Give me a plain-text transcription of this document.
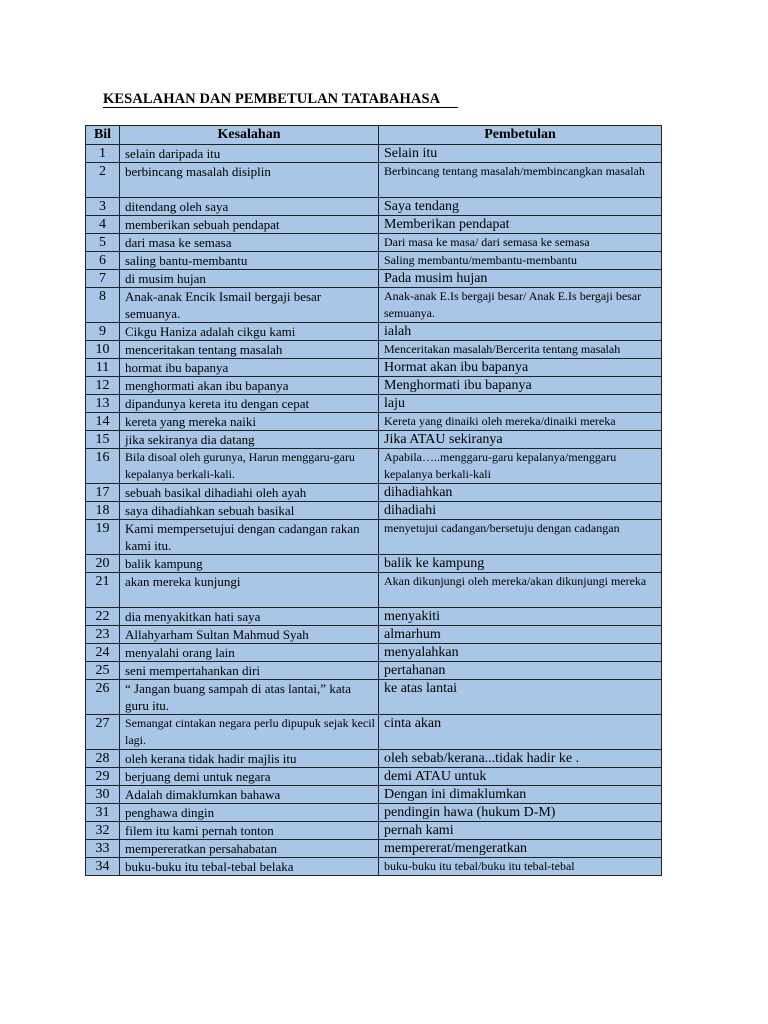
KESALAHAN DAN PEMBETULAN TATABAHASA
Bil	Kesalahan	Pembetulan
1	selain daripada itu	Selain itu
2	berbincang masalah disiplin	Berbincang tentang masalah/membincangkan masalah
3	ditendang oleh saya	Saya tendang
4	memberikan sebuah pendapat	Memberikan pendapat
5	dari masa ke semasa	Dari masa ke masa/ dari semasa ke semasa
6	saling bantu-membantu	Saling membantu/membantu-membantu
7	di musim hujan	Pada musim hujan
8	Anak-anak Encik Ismail bergaji besar semuanya.	Anak-anak E.Is bergaji besar/ Anak E.Is bergaji besar semuanya.
9	Cikgu Haniza adalah cikgu kami	ialah
10	menceritakan tentang masalah	Menceritakan masalah/Bercerita tentang masalah
11	hormat ibu bapanya	Hormat akan ibu bapanya
12	menghormati akan ibu bapanya	Menghormati ibu bapanya
13	dipandunya kereta itu dengan cepat	laju
14	kereta yang mereka naiki	Kereta yang dinaiki oleh mereka/dinaiki mereka
15	jika sekiranya dia datang	Jika ATAU sekiranya
16	Bila disoal oleh gurunya, Harun menggaru-garu kepalanya berkali-kali.	Apabila…..menggaru-garu kepalanya/menggaru kepalanya berkali-kali
17	sebuah basikal dihadiahi oleh ayah	dihadiahkan
18	saya dihadiahkan sebuah basikal	dihadiahi
19	Kami mempersetujui dengan cadangan rakan kami itu.	menyetujui cadangan/bersetuju dengan cadangan
20	balik kampung	balik ke kampung
21	akan mereka kunjungi	Akan dikunjungi oleh mereka/akan dikunjungi mereka
22	dia menyakitkan hati saya	menyakiti
23	Allahyarham Sultan Mahmud Syah	almarhum
24	menyalahi orang lain	menyalahkan
25	seni mempertahankan diri	pertahanan
26	“ Jangan buang sampah di atas lantai,” kata guru itu.	ke atas lantai
27	Semangat cintakan negara perlu dipupuk sejak kecil lagi.	cinta akan
28	oleh kerana tidak hadir majlis itu	oleh sebab/kerana...tidak hadir ke .
29	berjuang demi untuk negara	demi ATAU untuk
30	Adalah dimaklumkan bahawa	Dengan ini dimaklumkan
31	penghawa dingin	pendingin hawa (hukum D-M)
32	filem itu kami pernah tonton	pernah kami
33	mempereratkan persahabatan	mempererat/mengeratkan
34	buku-buku itu tebal-tebal belaka	buku-buku itu tebal/buku itu tebal-tebal
